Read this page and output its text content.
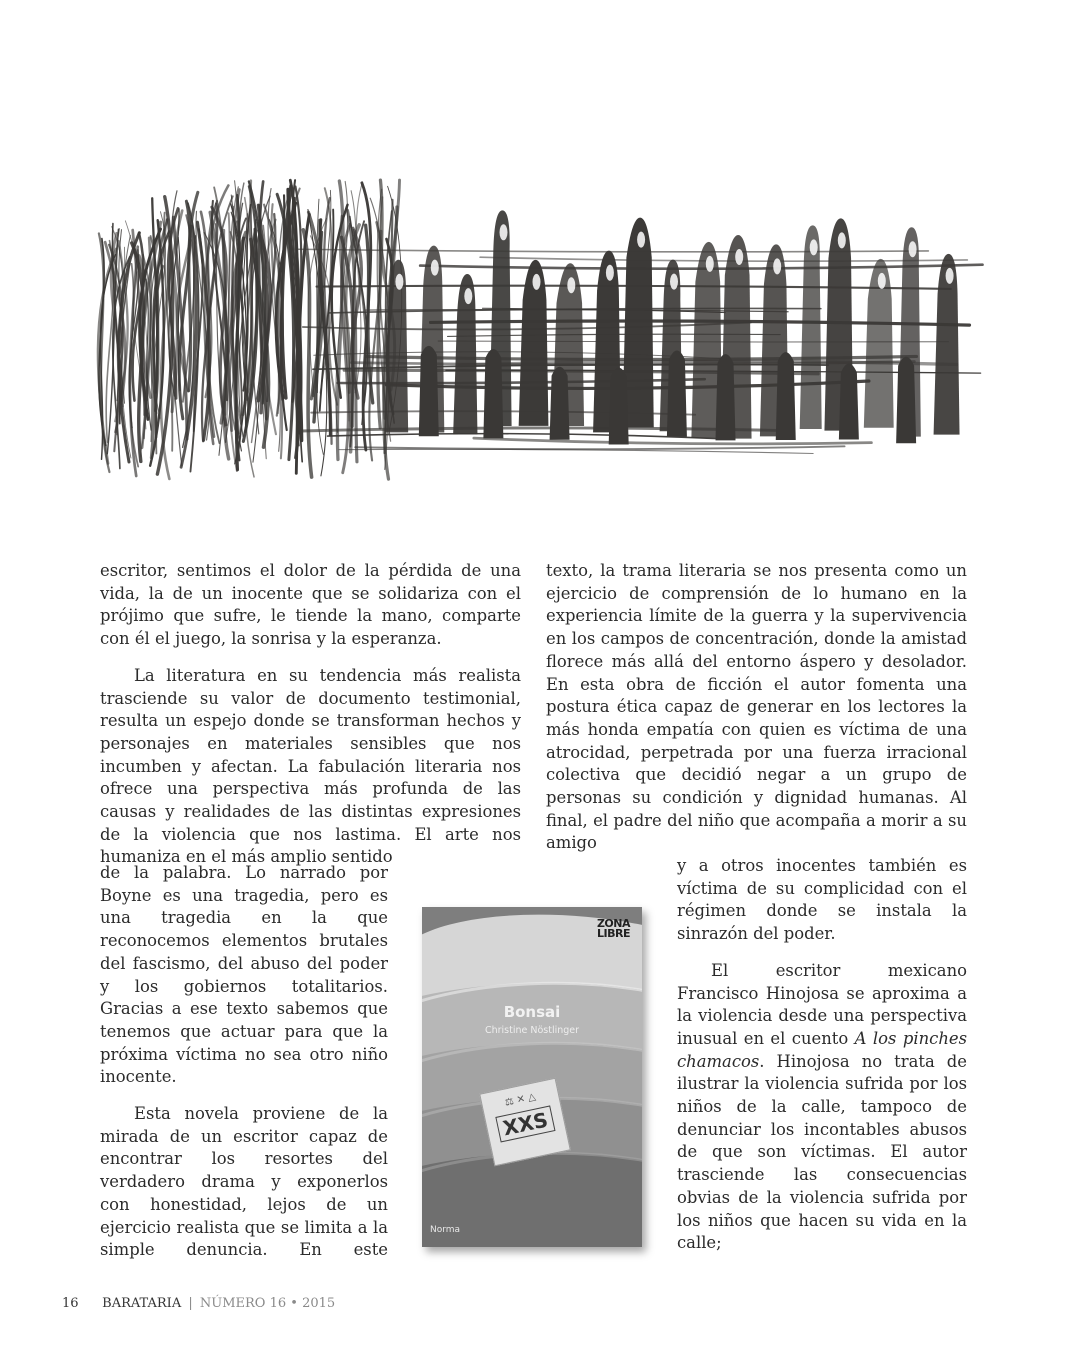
escritor, sentimos el dolor de la pérdida de una vida, la de un inocente que se solidariza con el prójimo que sufre, le tiende la mano, comparte con él el juego, la sonrisa y la esperanza.

La literatura en su tendencia más realista trasciende su valor de documento testimonial, resulta un espejo donde se transforman hechos y personajes en materiales sensibles que nos incumben y afectan. La fabulación literaria nos ofrece una perspectiva más profunda de las causas y realidades de las distintas expresiones de la violencia que nos lastima. El arte nos humaniza en el más amplio sentido

de la palabra. Lo narrado por Boyne es una tragedia, pero es una tragedia en la que reconocemos elementos brutales del fascismo, del abuso del poder y los gobiernos totalitarios. Gracias a ese texto sabemos que tenemos que actuar para que la próxima víctima no sea otro niño inocente.

Esta novela proviene de la mirada de un escritor capaz de encontrar los resortes del verdadero drama y exponerlos con honestidad, lejos de un ejercicio realista que se limita a la simple denuncia. En este

texto, la trama literaria se nos presenta como un ejercicio de comprensión de lo humano en la experiencia límite de la guerra y la supervivencia en los campos de concentración, donde la amistad florece más allá del entorno áspero y desolador. En esta obra de ficción el autor fomenta una postura ética capaz de generar en los lectores la más honda empatía con quien es víctima de una atrocidad, perpetrada por una fuerza irracional colectiva que decidió negar a un grupo de personas su condición y dignidad humanas. Al final, el padre del niño que acompaña a morir a su amigo

y a otros inocentes también es víctima de su complicidad con el régimen donde se instala la sinrazón del poder.

El escritor mexicano Francisco Hinojosa se aproxima a la violencia desde una perspectiva inusual en el cuento A los pinches chamacos. Hinojosa no trata de ilustrar la violencia sufrida por los niños de la calle, tampoco de denunciar los incontables abusos de que son víctimas. El autor trasciende las consecuencias obvias de la violencia sufrida por los niños que hacen su vida en la calle;

ZONA
LIBRE
Bonsai
Christine Nöstlinger
⚖ ✕ △
XXS
Norma
16 BARATARIA | NÚMERO 16 • 2015
